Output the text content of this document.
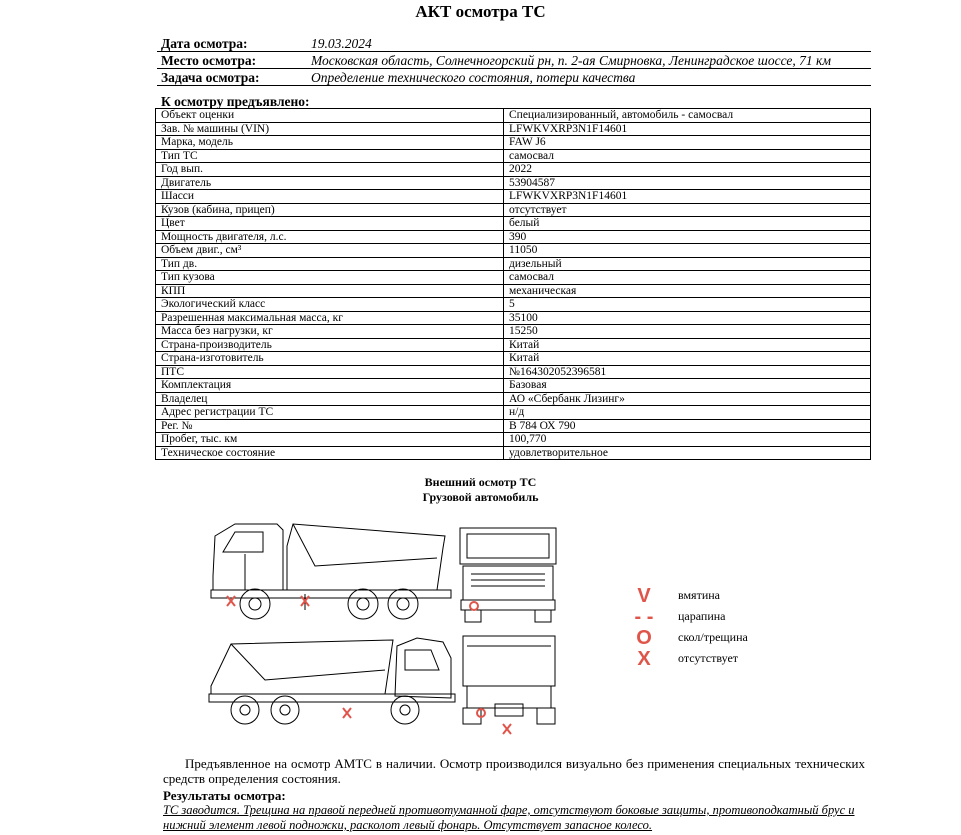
АКТ осмотра ТС
Дата осмотра:	19.03.2024
Место осмотра:	Московская область, Солнечногорский рн, п. 2-ая Смирновка, Ленинградское шоссе, 71 км
Задача осмотра:	Определение технического состояния, потери качества
К осмотру предъявлено:
Объект оценки	Специализированный, автомобиль - самосвал
Зав. № машины (VIN)	LFWKVXRP3N1F14601
Марка, модель	FAW J6
Тип ТС	самосвал
Год вып.	2022
Двигатель	53904587
Шасси	LFWKVXRP3N1F14601
Кузов (кабина, прицеп)	отсутствует
Цвет	белый
Мощность двигателя, л.с.	390
Объем двиг., см³	11050
Тип дв.	дизельный
Тип кузова	самосвал
КПП	механическая
Экологический класс	5
Разрешенная максимальная масса, кг	35100
Масса без нагрузки, кг	15250
Страна-производитель	Китай
Страна-изготовитель	Китай
ПТС	№164302052396581
Комплектация	Базовая
Владелец	АО «Сбербанк Лизинг»
Адрес регистрации ТС	н/д
Рег. №	В 784 ОХ 790
Пробег, тыс. км	100,770
Техническое состояние	удовлетворительное
Внешний осмотр ТС
Грузовой автомобиль
V	вмятина
- -	царапина
О	скол/трещина
Х	отсутствует
Предъявленное на осмотр АМТС в наличии. Осмотр производился визуально без применения специальных технических средств определения состояния.
Результаты осмотра:
ТС заводится. Трещина на правой передней противотуманной фаре, отсутствуют боковые защиты, противоподкатный брус и нижний элемент левой подножки, расколот левый фонарь. Отсутствует запасное колесо.
